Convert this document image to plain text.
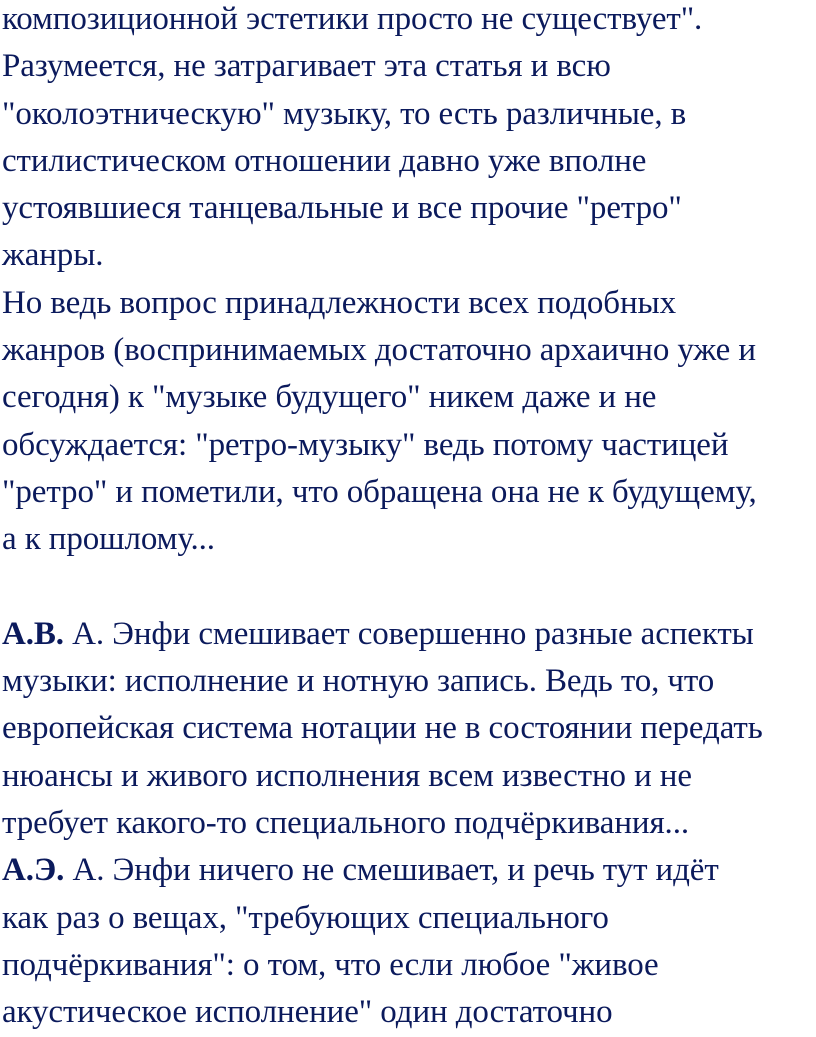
композиционной эстетики просто не существует".
Разумеется, не затрагивает эта статья и всю
"околоэтническую" музыку, то есть различные, в
стилистическом отношении давно уже вполне
устоявшиеся танцевальные и все прочие "ретро"
жанры.
Но ведь вопрос принадлежности всех подобных
жанров (воспринимаемых достаточно архаично уже и
сегодня) к "музыке будущего" никем даже и не
обсуждается: "ретро-музыку" ведь потому частицей
"ретро" и пометили, что обращена она не к будущему,
а к прошлому...
А.В. А. Энфи смешивает совершенно разные аспекты
музыки: исполнение и нотную запись. Ведь то, что
европейская система нотации не в состоянии передать
нюансы и живого исполнения всем известно и не
требует какого-то специального подчёркивания...
А.Э. А. Энфи ничего не смешивает, и речь тут идёт
как раз о вещах, "требующих специального
подчёркивания": о том, что если любое "живое
акустическое исполнение" один достаточно
